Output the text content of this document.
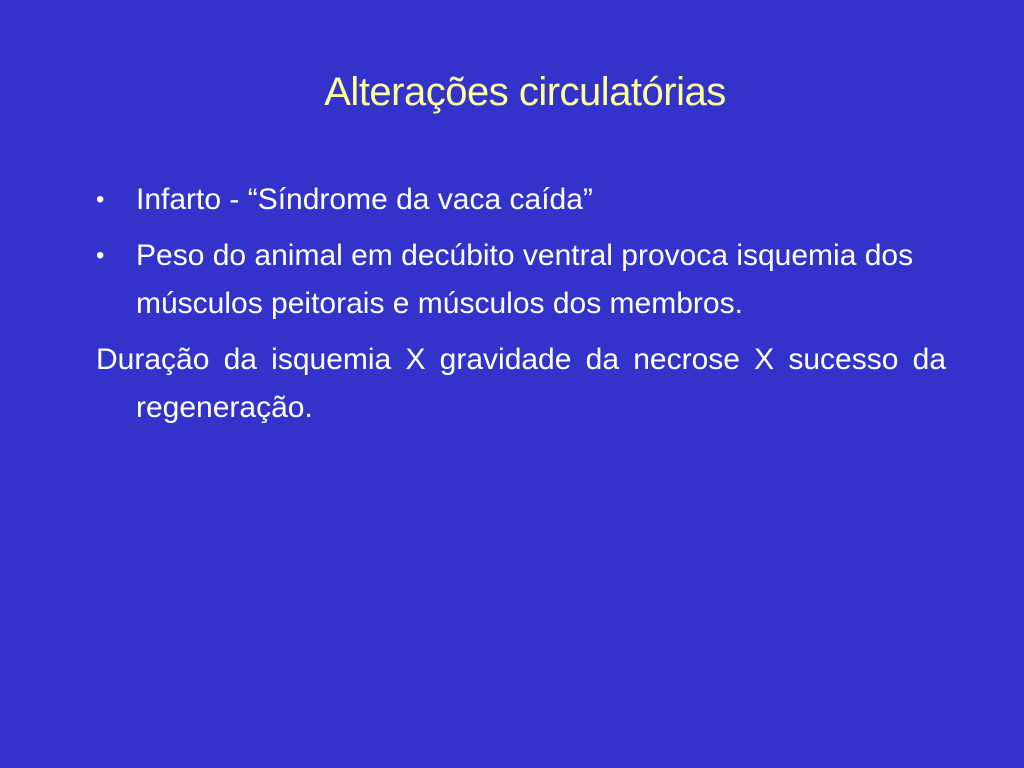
Alterações circulatórias
•	Infarto - “Síndrome da vaca caída”
•	Peso do animal em decúbito ventral provoca isquemia dos músculos peitorais e músculos dos membros.
Duração da isquemia X gravidade da necrose X sucesso da regeneração.
